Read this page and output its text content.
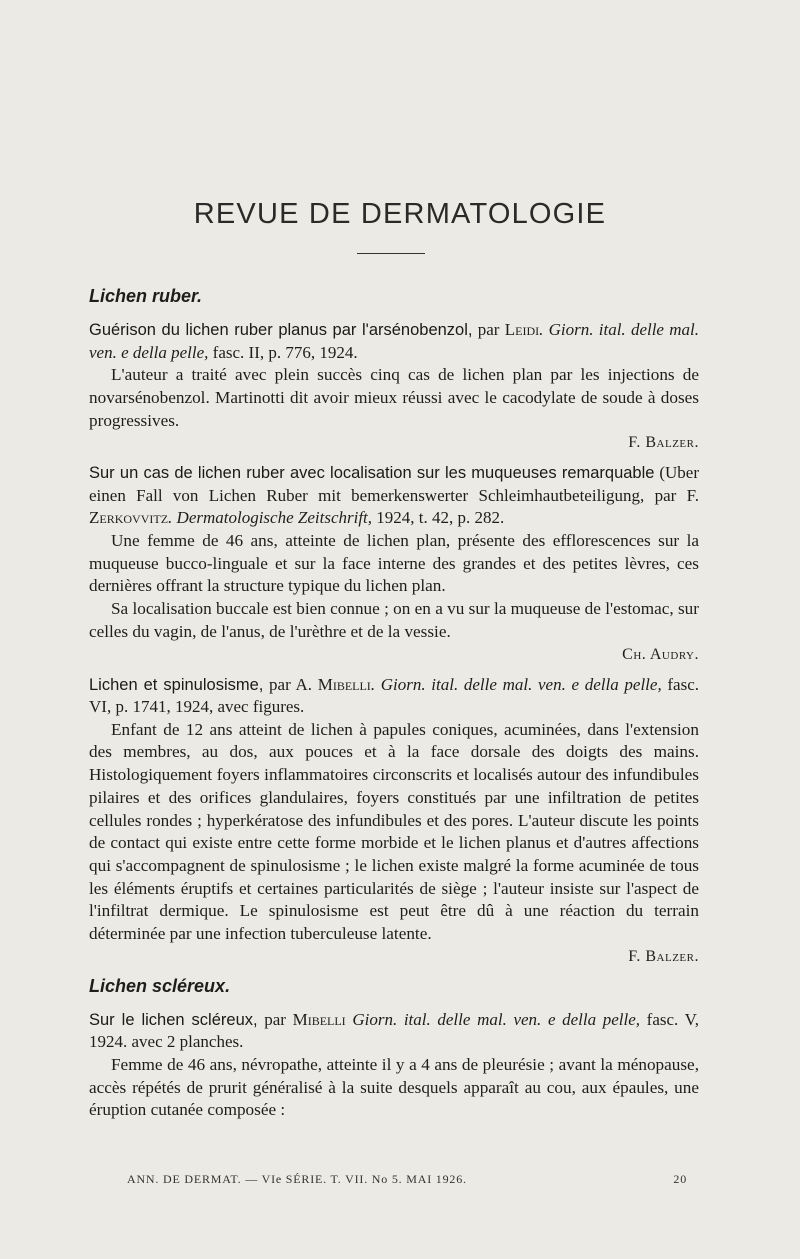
REVUE DE DERMATOLOGIE
Lichen ruber.

Guérison du lichen ruber planus par l'arsénobenzol, par Leidi. Giorn. ital. delle mal. ven. e della pelle, fasc. II, p. 776, 1924.

L'auteur a traité avec plein succès cinq cas de lichen plan par les injections de novarsénobenzol. Martinotti dit avoir mieux réussi avec le cacodylate de soude à doses progressives.

F. Balzer.

Sur un cas de lichen ruber avec localisation sur les muqueuses remarquable (Uber einen Fall von Lichen Ruber mit bemerkenswerter Schleimhautbeteiligung, par F. Zerkovvitz. Dermatologische Zeitschrift, 1924, t. 42, p. 282.

Une femme de 46 ans, atteinte de lichen plan, présente des efflorescences sur la muqueuse bucco-linguale et sur la face interne des grandes et des petites lèvres, ces dernières offrant la structure typique du lichen plan.

Sa localisation buccale est bien connue ; on en a vu sur la muqueuse de l'estomac, sur celles du vagin, de l'anus, de l'urèthre et de la vessie.

Ch. Audry.

Lichen et spinulosisme, par A. Mibelli. Giorn. ital. delle mal. ven. e della pelle, fasc. VI, p. 1741, 1924, avec figures.

Enfant de 12 ans atteint de lichen à papules coniques, acuminées, dans l'extension des membres, au dos, aux pouces et à la face dorsale des doigts des mains. Histologiquement foyers inflammatoires circonscrits et localisés autour des infundibules pilaires et des orifices glandulaires, foyers constitués par une infiltration de petites cellules rondes ; hyperkératose des infundibules et des pores. L'auteur discute les points de contact qui existe entre cette forme morbide et le lichen planus et d'autres affections qui s'accompagnent de spinulosisme ; le lichen existe malgré la forme acuminée de tous les éléments éruptifs et certaines particularités de siège ; l'auteur insiste sur l'aspect de l'infiltrat dermique. Le spinulosisme est peut être dû à une réaction du terrain déterminée par une infection tuberculeuse latente.

F. Balzer.

Lichen scléreux.

Sur le lichen scléreux, par Mibelli Giorn. ital. delle mal. ven. e della pelle, fasc. V, 1924. avec 2 planches.

Femme de 46 ans, névropathe, atteinte il y a 4 ans de pleurésie ; avant la ménopause, accès répétés de prurit généralisé à la suite desquels apparaît au cou, aux épaules, une éruption cutanée composée :

ANN. DE DERMAT. — VIe SÉRIE. T. VII. No 5. MAI 1926.	20
